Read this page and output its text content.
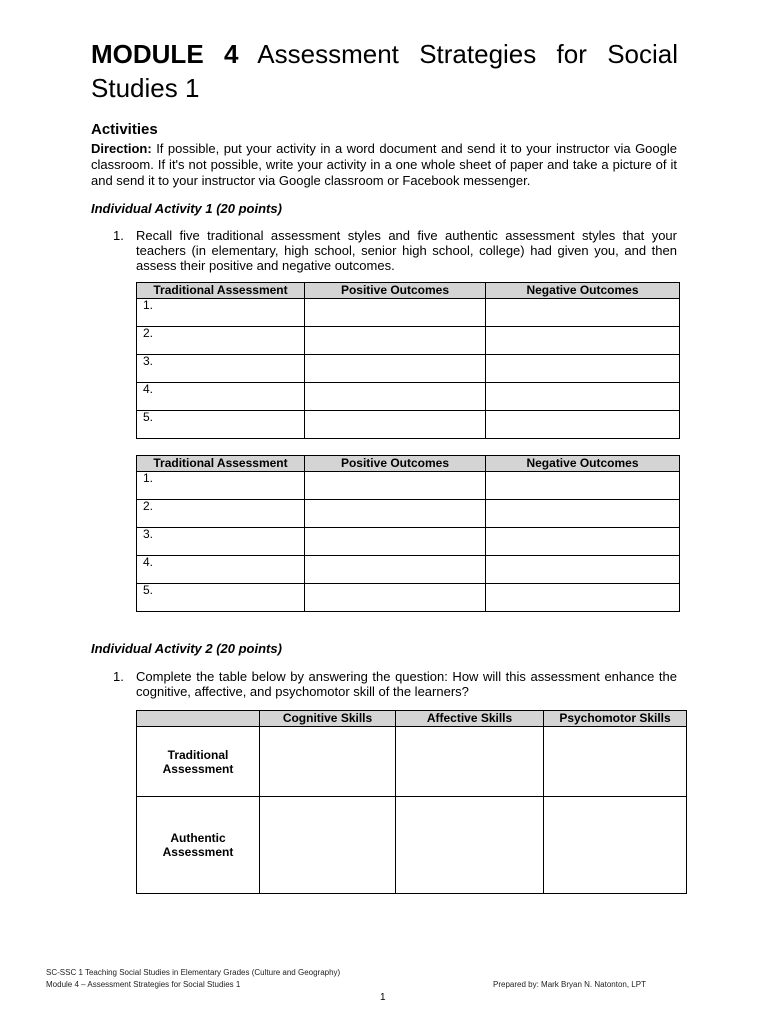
MODULE 4 Assessment Strategies for Social Studies 1
Activities
Direction: If possible, put your activity in a word document and send it to your instructor via Google classroom. If it's not possible, write your activity in a one whole sheet of paper and take a picture of it and send it to your instructor via Google classroom or Facebook messenger.
Individual Activity 1 (20 points)
1. Recall five traditional assessment styles and five authentic assessment styles that your teachers (in elementary, high school, senior high school, college) had given you, and then assess their positive and negative outcomes.
Traditional Assessment	Positive Outcomes	Negative Outcomes
1.		
2.		
3.		
4.		
5.		
Traditional Assessment	Positive Outcomes	Negative Outcomes
1.		
2.		
3.		
4.		
5.		
Individual Activity 2 (20 points)
1. Complete the table below by answering the question: How will this assessment enhance the cognitive, affective, and psychomotor skill of the learners?
	Cognitive Skills	Affective Skills	Psychomotor Skills
Traditional Assessment			
Authentic Assessment			
SC-SSC 1 Teaching Social Studies in Elementary Grades (Culture and Geography)
Module 4 – Assessment Strategies for Social Studies 1	Prepared by: Mark Bryan N. Natonton, LPT
1
